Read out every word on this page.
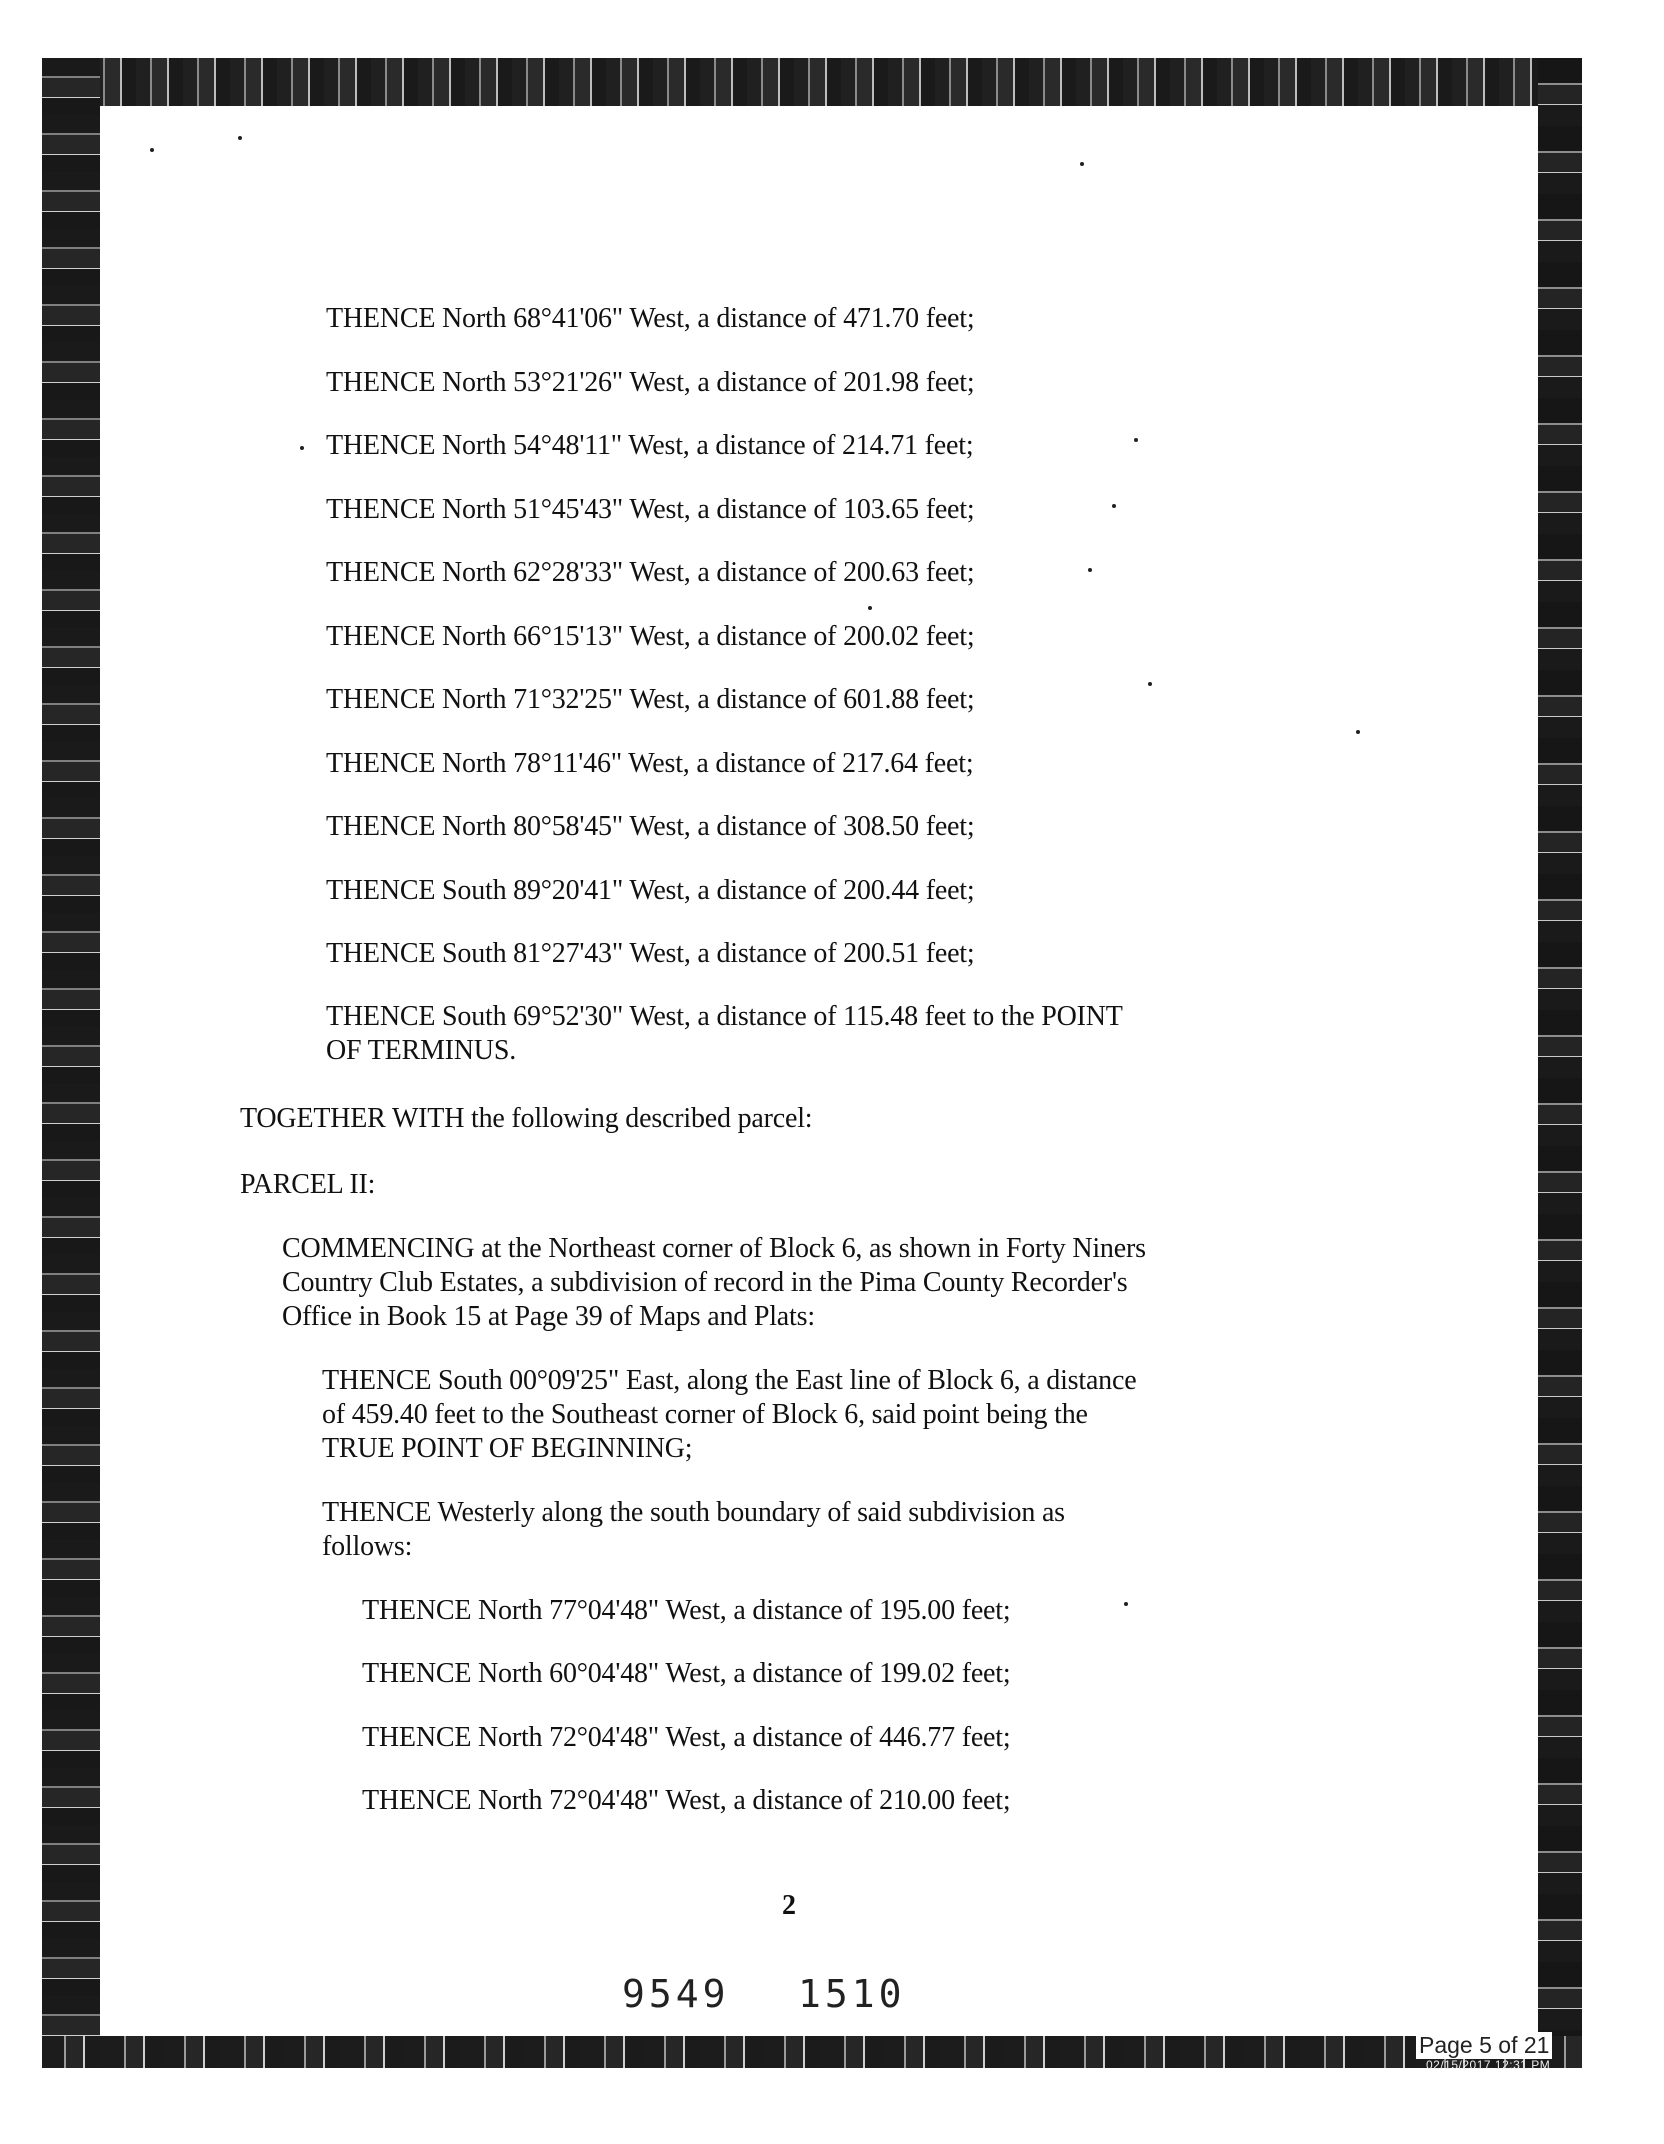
THENCE North 68°41'06" West, a distance of 471.70 feet;
THENCE North 53°21'26" West, a distance of 201.98 feet;
THENCE North 54°48'11" West, a distance of 214.71 feet;
THENCE North 51°45'43" West, a distance of 103.65 feet;
THENCE North 62°28'33" West, a distance of 200.63 feet;
THENCE North 66°15'13" West, a distance of 200.02 feet;
THENCE North 71°32'25" West, a distance of 601.88 feet;
THENCE North 78°11'46" West, a distance of 217.64 feet;
THENCE North 80°58'45" West, a distance of 308.50 feet;
THENCE South 89°20'41" West, a distance of 200.44 feet;
THENCE South 81°27'43" West, a distance of 200.51 feet;
THENCE South 69°52'30" West, a distance of 115.48 feet to the POINT
OF TERMINUS.
TOGETHER WITH the following described parcel:
PARCEL II:
COMMENCING at the Northeast corner of Block 6, as shown in Forty Niners
Country Club Estates, a subdivision of record in the Pima County Recorder's
Office in Book 15 at Page 39 of Maps and Plats:
THENCE South 00°09'25" East, along the East line of Block 6, a distance
of 459.40 feet to the Southeast corner of Block 6, said point being the
TRUE POINT OF BEGINNING;
THENCE Westerly along the south boundary of said subdivision as
follows:
THENCE North 77°04'48" West, a distance of 195.00 feet;
THENCE North 60°04'48" West, a distance of 199.02 feet;
THENCE North 72°04'48" West, a distance of 446.77 feet;
THENCE North 72°04'48" West, a distance of 210.00 feet;
2
9549 1510
Page 5 of 21
02/15/2017 12:31 PM
